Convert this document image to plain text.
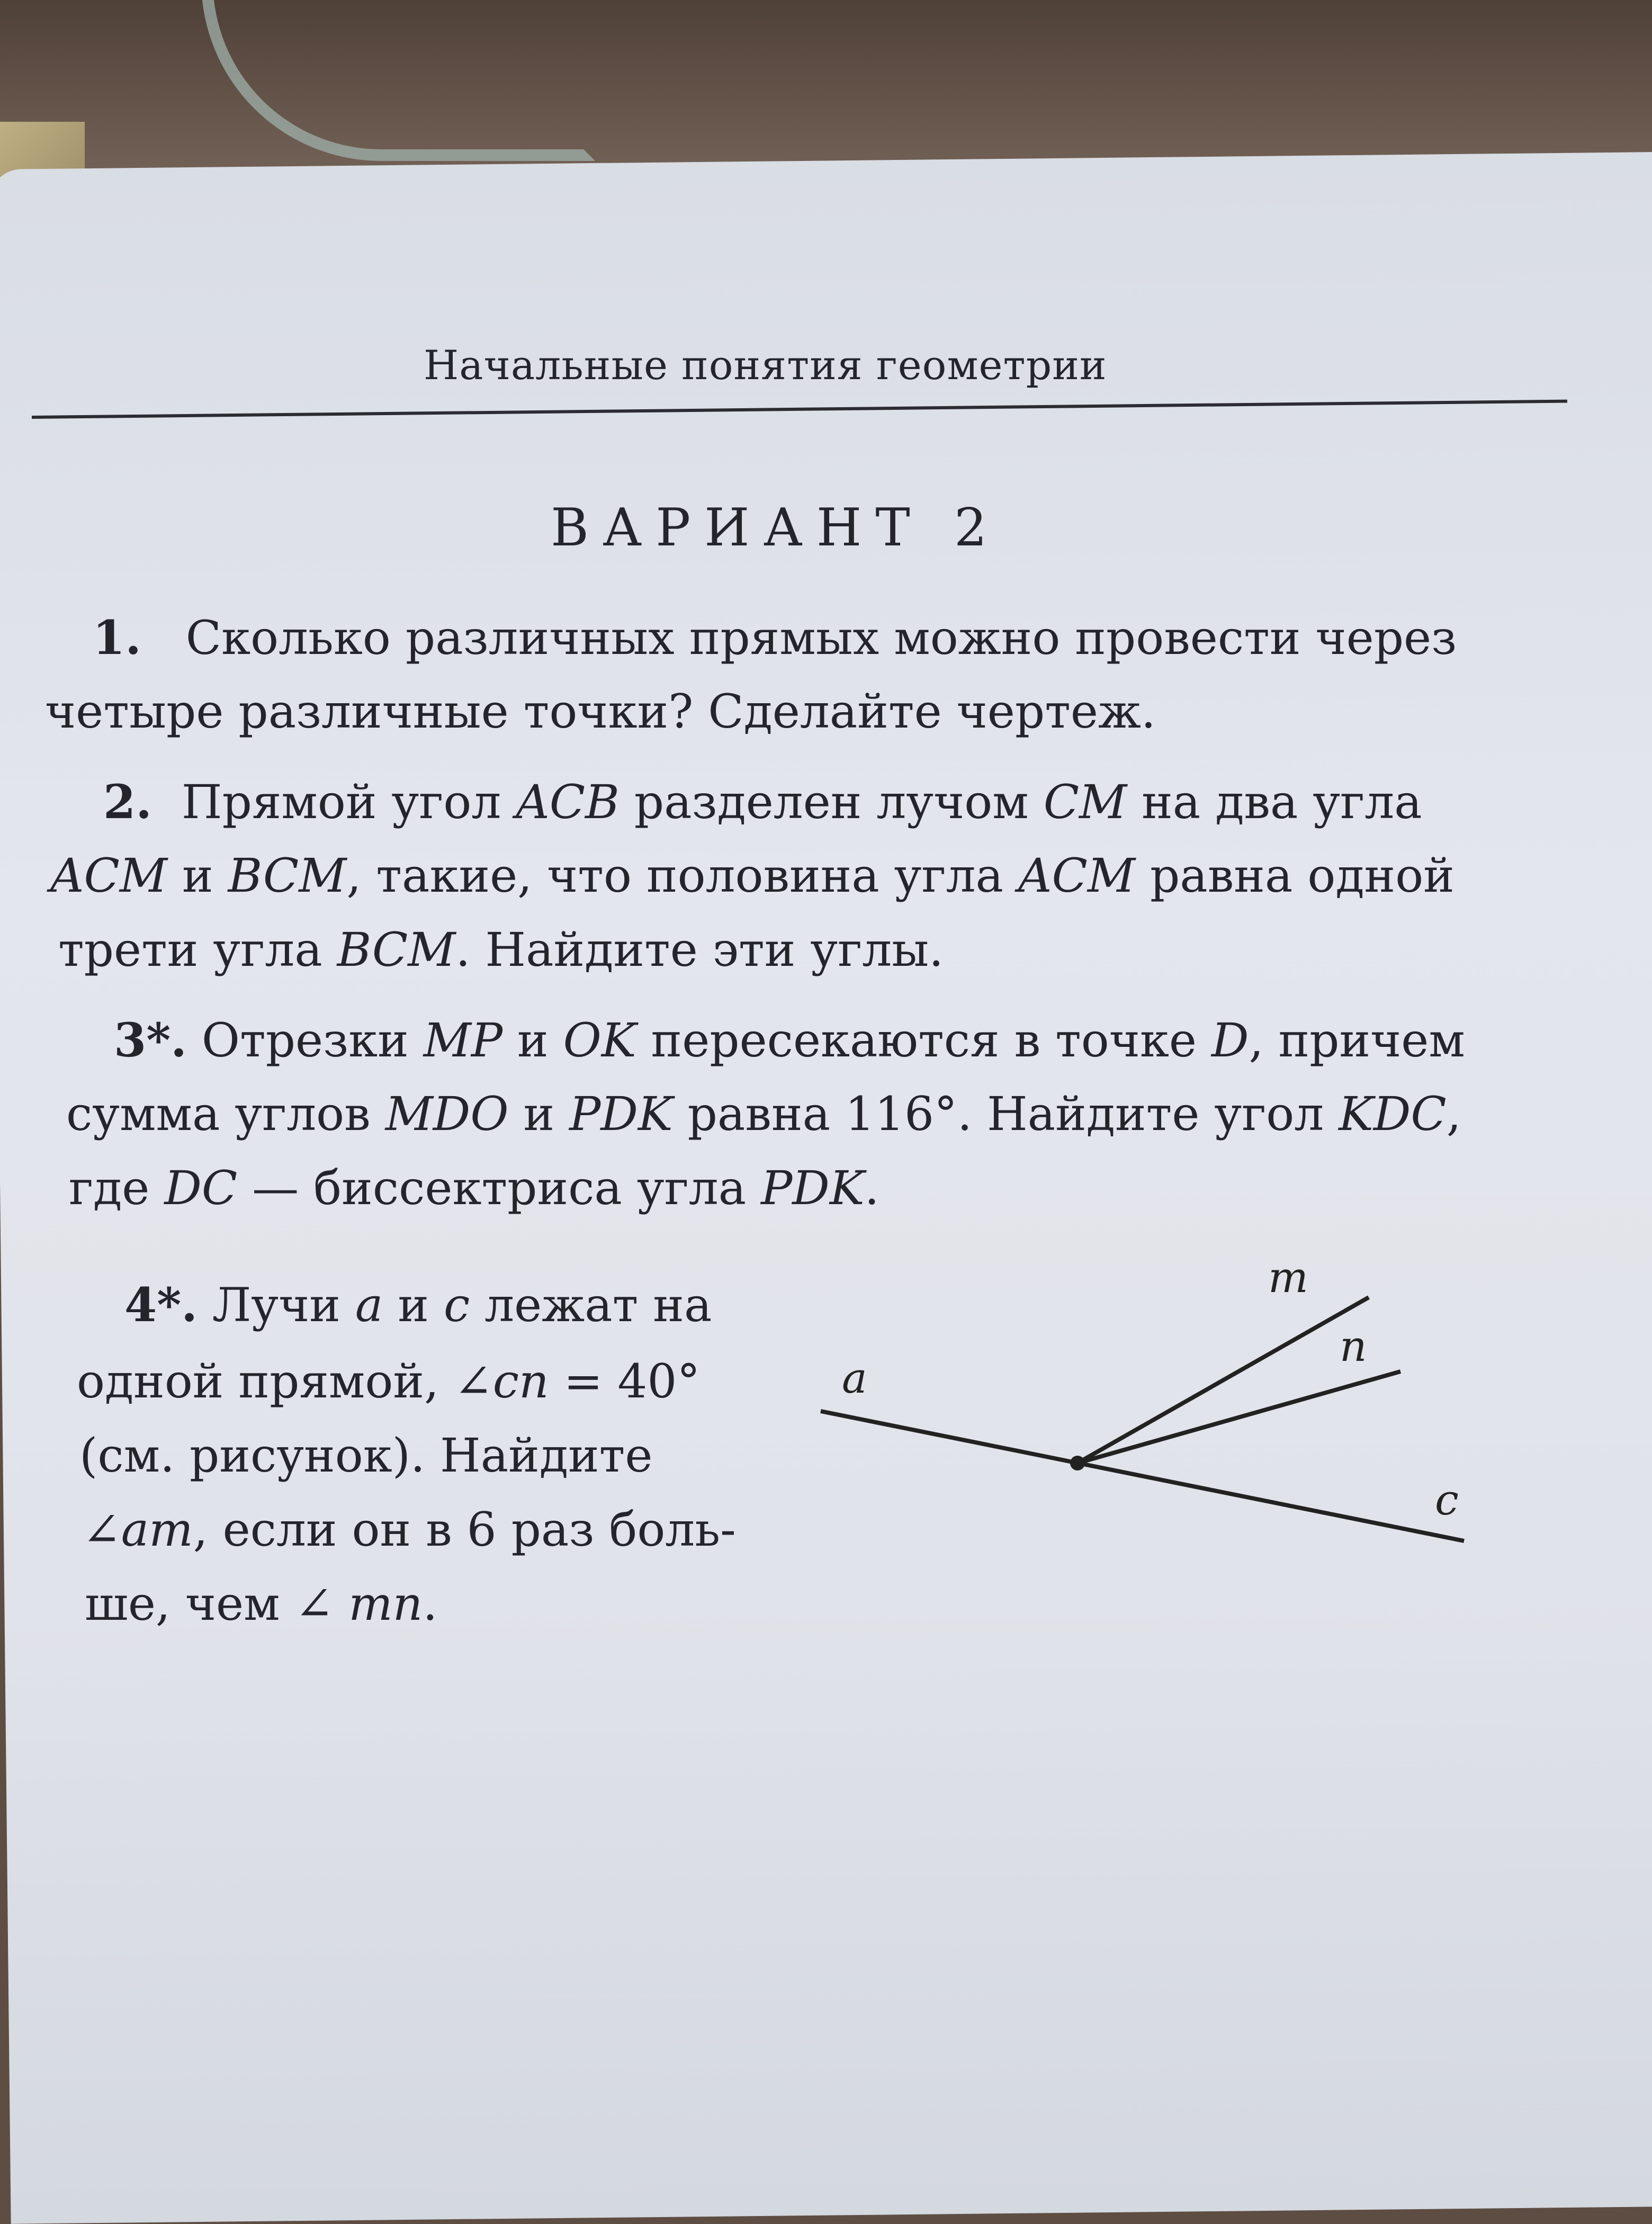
Начальные понятия геометрии
ВАРИАНТ 2
1. Сколько различных прямых можно провести через
четыре различные точки? Сделайте чертеж.
2. Прямой угол ACB разделен лучом CM на два угла
ACM и BCM, такие, что половина угла ACM равна одной
трети угла BCM. Найдите эти углы.
3*. Отрезки MP и OK пересекаются в точке D, причем
сумма углов MDO и PDK равна 116°. Найдите угол KDC,
где DC — биссектриса угла PDK.
4*. Лучи a и c лежат на
одной прямой, ∠cn = 40°
(см. рисунок). Найдите
∠am, если он в 6 раз боль-
ше, чем ∠ mn.
a
m
n
c
